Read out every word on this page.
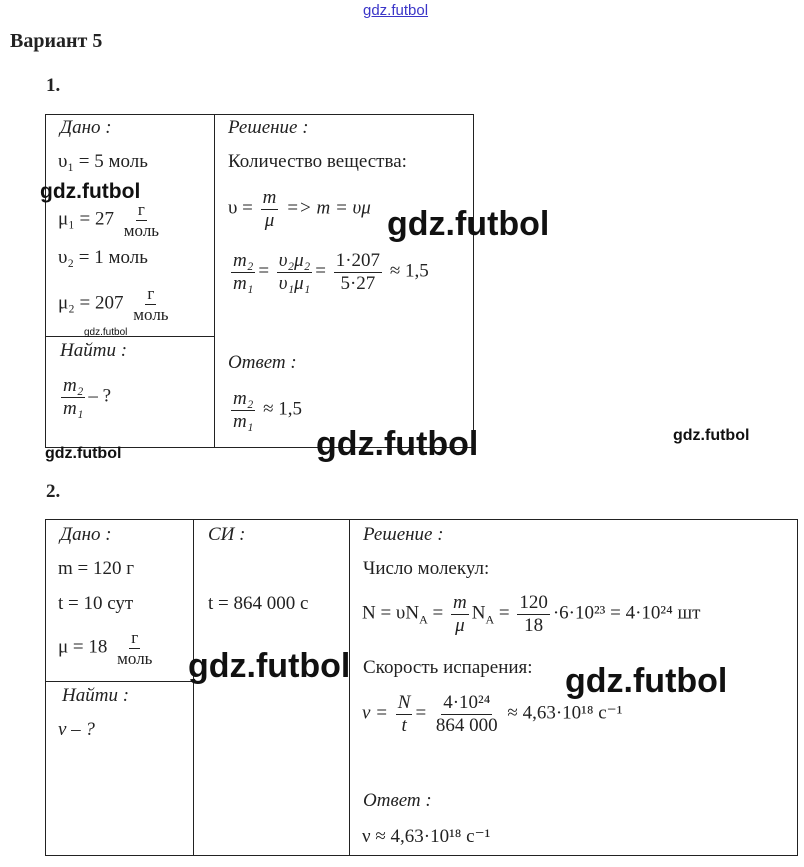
gdz.futbol
Вариант 5
1.
Дано :
υ₁ = 5 моль
$\mu_1 = 27 \frac{г}{\text{моль}}$
υ₂ = 1 моль
$\mu_2 = 207 \frac{г}{\text{моль}}$
Найти :
$\frac{\text{m₂}}{\text{m₁}}$ – ?
Решение :
Количество вещества:
$\upsilon = \frac{m}{\mu} => m = \upsilon\mu$
$\frac{\text{m₂}}{\text{m₁}} = \frac{\text{υ₂μ₂}}{\text{υ₁μ₁}} = \frac{1\cdot 207}{5\cdot 27} \approx 1,5$
Ответ :
$\frac{\text{m₂}}{\text{m₁}} \approx 1,5$
2.
Дано :
m = 120 г
t = 10 сут
$\mu = 18 \frac{г}{\text{моль}}$
Найти :
ν – ?
СИ :
t = 864 000 с
Решение :
Число молекул:
$N = \upsilon N_A = \frac{m}{\mu} N_A = \frac{120}{18} \cdot 6\cdot 10^{23} = 4\cdot 10^{24}$ шт
Скорость испарения:
$\nu = \frac{N}{t} = \frac{\text{4·10²⁴}}{864 000} \approx 4,63\cdot 10^{18}$ с⁻¹
Ответ :
ν ≈ 4,63·10¹⁸ с⁻¹
gdz.futbol
gdz.futbol
gdz.futbol
gdz.futbol
gdz.futbol
gdz.futbol
gdz.futbol	gdz.futbol
